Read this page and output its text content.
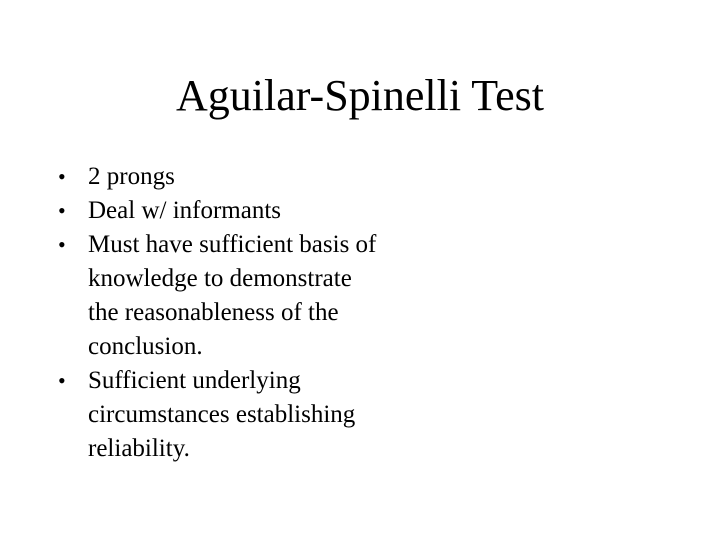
Aguilar-Spinelli Test
• 2 prongs
• Deal w/ informants
• Must have sufficient basis of knowledge to demonstrate the reasonableness of the conclusion.
• Sufficient underlying circumstances establishing reliability.
